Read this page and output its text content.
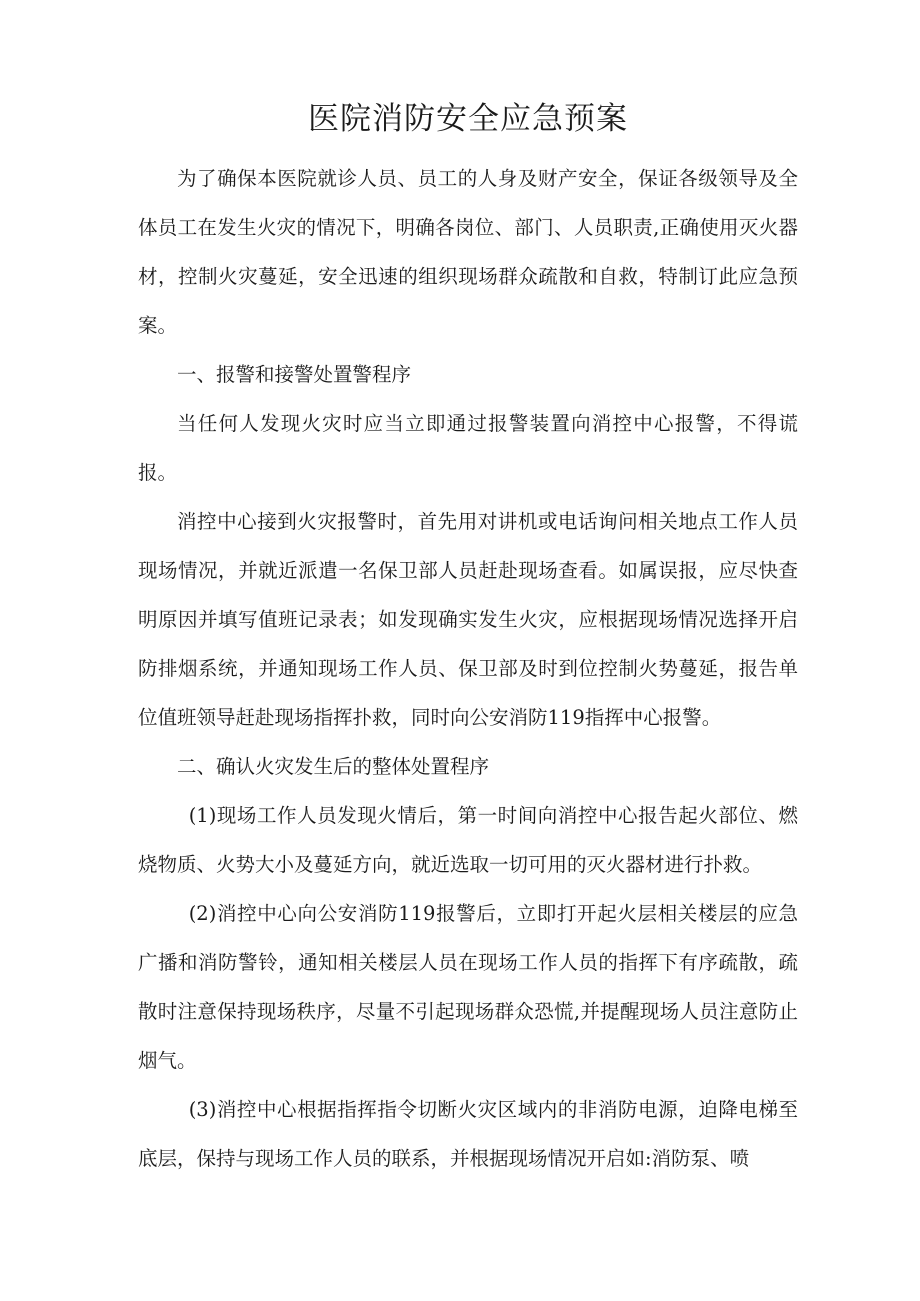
医院消防安全应急预案

为了确保本医院就诊人员、员工的人身及财产安全，保证各级领导及全体员工在发生火灾的情况下，明确各岗位、部门、人员职责,正确使用灭火器材，控制火灾蔓延，安全迅速的组织现场群众疏散和自救，特制订此应急预案。

一、报警和接警处置警程序

当任何人发现火灾时应当立即通过报警装置向消控中心报警，不得谎报。

消控中心接到火灾报警时，首先用对讲机或电话询问相关地点工作人员现场情况，并就近派遣一名保卫部人员赶赴现场查看。如属误报，应尽快查明原因并填写值班记录表；如发现确实发生火灾，应根据现场情况选择开启防排烟系统，并通知现场工作人员、保卫部及时到位控制火势蔓延，报告单位值班领导赶赴现场指挥扑救，同时向公安消防119指挥中心报警。

二、确认火灾发生后的整体处置程序

(1)现场工作人员发现火情后，第一时间向消控中心报告起火部位、燃烧物质、火势大小及蔓延方向，就近选取一切可用的灭火器材进行扑救。

(2)消控中心向公安消防119报警后，立即打开起火层相关楼层的应急广播和消防警铃，通知相关楼层人员在现场工作人员的指挥下有序疏散，疏散时注意保持现场秩序，尽量不引起现场群众恐慌,并提醒现场人员注意防止烟气。

(3)消控中心根据指挥指令切断火灾区域内的非消防电源，迫降电梯至底层，保持与现场工作人员的联系，并根据现场情况开启如:消防泵、喷
